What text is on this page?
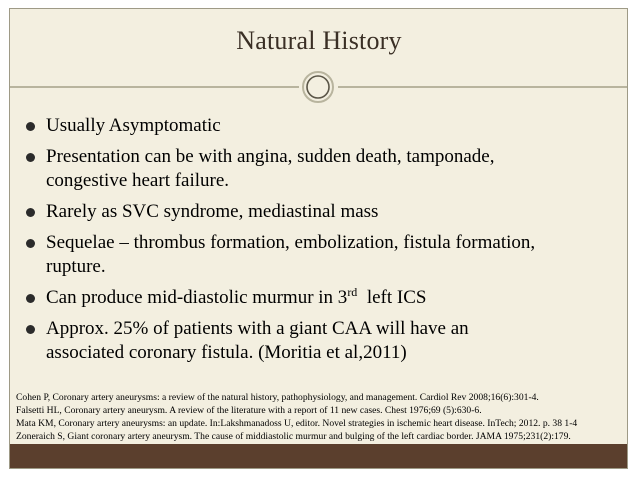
Natural History
Usually Asymptomatic
Presentation can be with angina, sudden death, tamponade,
congestive heart failure.
Rarely as SVC syndrome, mediastinal mass
Sequelae – thrombus formation, embolization, fistula formation,
rupture.
Can produce mid-diastolic murmur in 3rd  left ICS
Approx. 25% of patients with a giant CAA will have an
associated coronary fistula. (Moritia et al,2011)
Cohen P, Coronary artery aneurysms: a review of the natural history, pathophysiology, and management. Cardiol Rev 2008;16(6):301-4.
Falsetti HL, Coronary artery aneurysm. A review of the literature with a report of 11 new cases. Chest 1976;69 (5):630-6.
Mata KM, Coronary artery aneurysms: an update. In:Lakshmanadoss U, editor. Novel strategies in ischemic heart disease. InTech; 2012. p. 38 1-4
Zoneraich S, Giant coronary artery aneurysm. The cause of middiastolic murmur and bulging of the left cardiac border. JAMA 1975;231(2):179.
